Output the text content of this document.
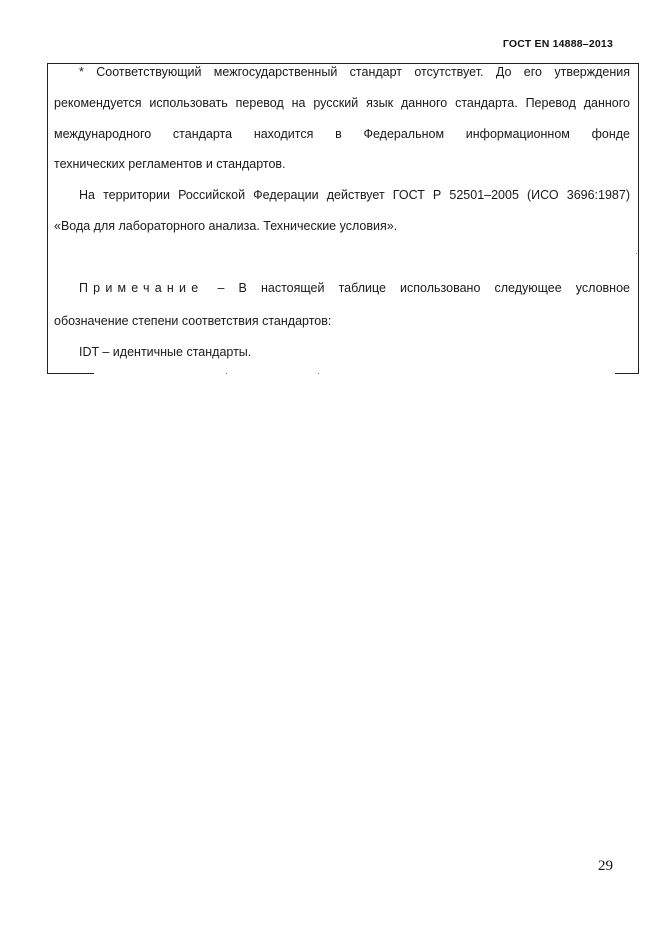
ГОСТ EN 14888–2013
* Соответствующий межгосударственный стандарт отсутствует. До его утверждения
рекомендуется использовать перевод на русский язык данного стандарта. Перевод данного
международного стандарта находится в Федеральном информационном фонде
технических регламентов и стандартов.
На территории Российской Федерации действует ГОСТ Р 52501–2005 (ИСО 3696:1987)
«Вода для лабораторного анализа. Технические условия».
Примечание – В настоящей таблице использовано следующее условное
обозначение степени соответствия стандартов:
IDT – идентичные стандарты.
29
